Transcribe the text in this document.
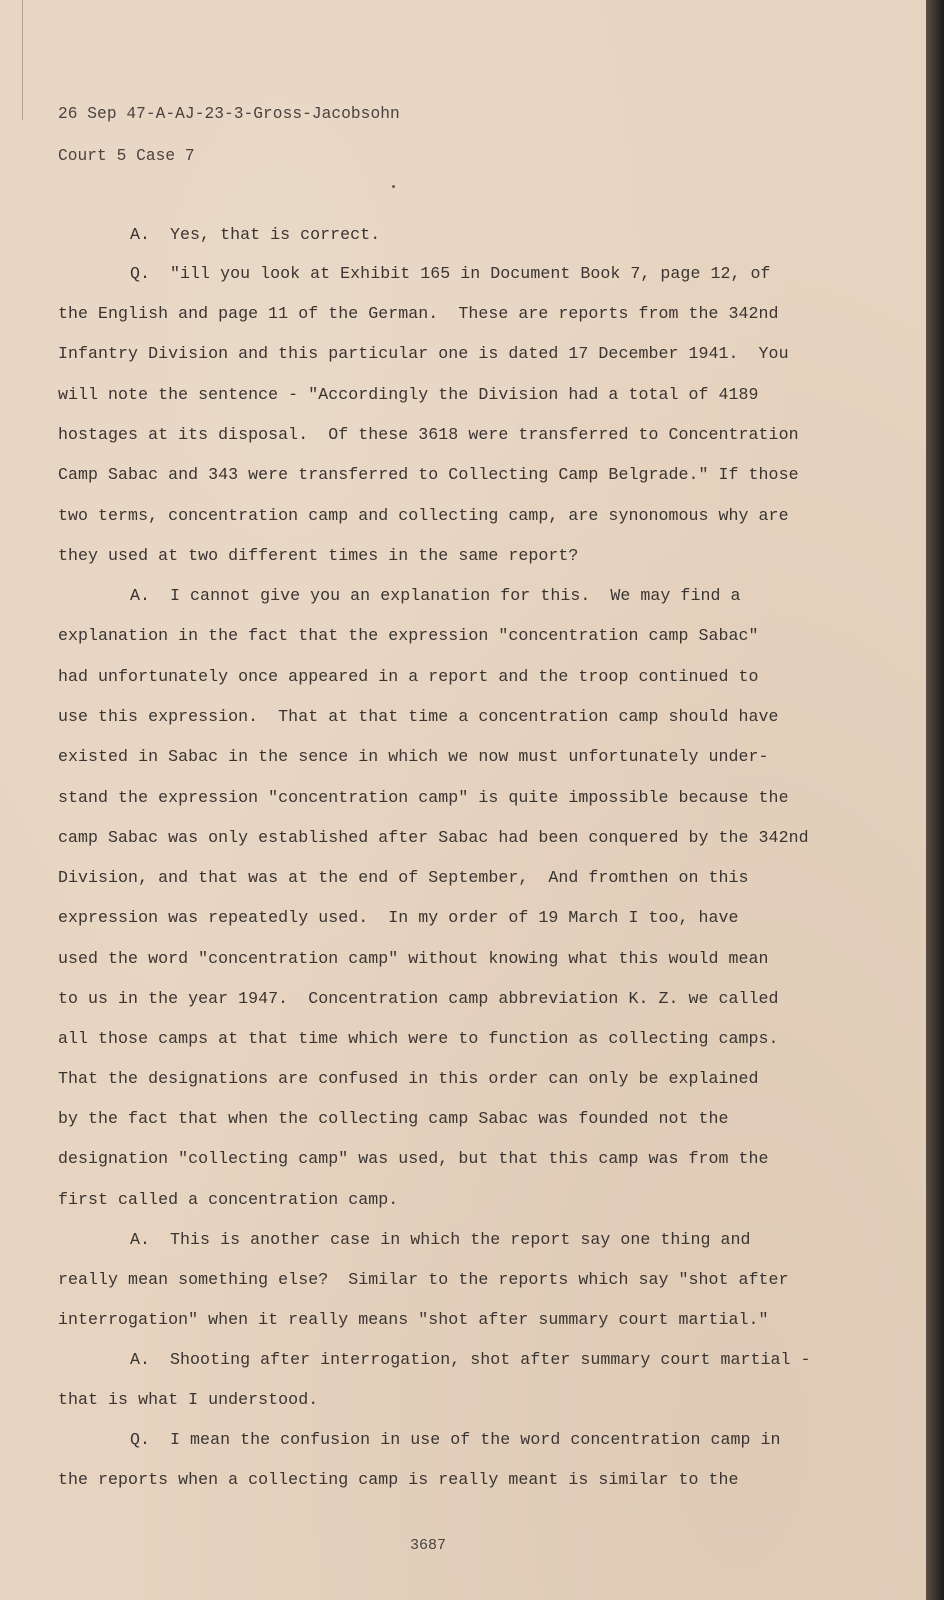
26 Sep 47-A-AJ-23-3-Gross-Jacobsohn
Court 5 Case 7
A.  Yes, that is correct.
Q.  "ill you look at Exhibit 165 in Document Book 7, page 12, of
the English and page 11 of the German.  These are reports from the 342nd
Infantry Division and this particular one is dated 17 December 1941.  You
will note the sentence - "Accordingly the Division had a total of 4189
hostages at its disposal.  Of these 3618 were transferred to Concentration
Camp Sabac and 343 were transferred to Collecting Camp Belgrade." If those
two terms, concentration camp and collecting camp, are synonomous why are
they used at two different times in the same report?
A.  I cannot give you an explanation for this.  We may find a
explanation in the fact that the expression "concentration camp Sabac"
had unfortunately once appeared in a report and the troop continued to
use this expression.  That at that time a concentration camp should have
existed in Sabac in the sence in which we now must unfortunately under-
stand the expression "concentration camp" is quite impossible because the
camp Sabac was only established after Sabac had been conquered by the 342nd
Division, and that was at the end of September,  And fromthen on this
expression was repeatedly used.  In my order of 19 March I too, have
used the word "concentration camp" without knowing what this would mean
to us in the year 1947.  Concentration camp abbreviation K. Z. we called
all those camps at that time which were to function as collecting camps.
That the designations are confused in this order can only be explained
by the fact that when the collecting camp Sabac was founded not the
designation "collecting camp" was used, but that this camp was from the
first called a concentration camp.
A.  This is another case in which the report say one thing and
really mean something else?  Similar to the reports which say "shot after
interrogation" when it really means "shot after summary court martial."
A.  Shooting after interrogation, shot after summary court martial -
that is what I understood.
Q.  I mean the confusion in use of the word concentration camp in
the reports when a collecting camp is really meant is similar to the
3687
